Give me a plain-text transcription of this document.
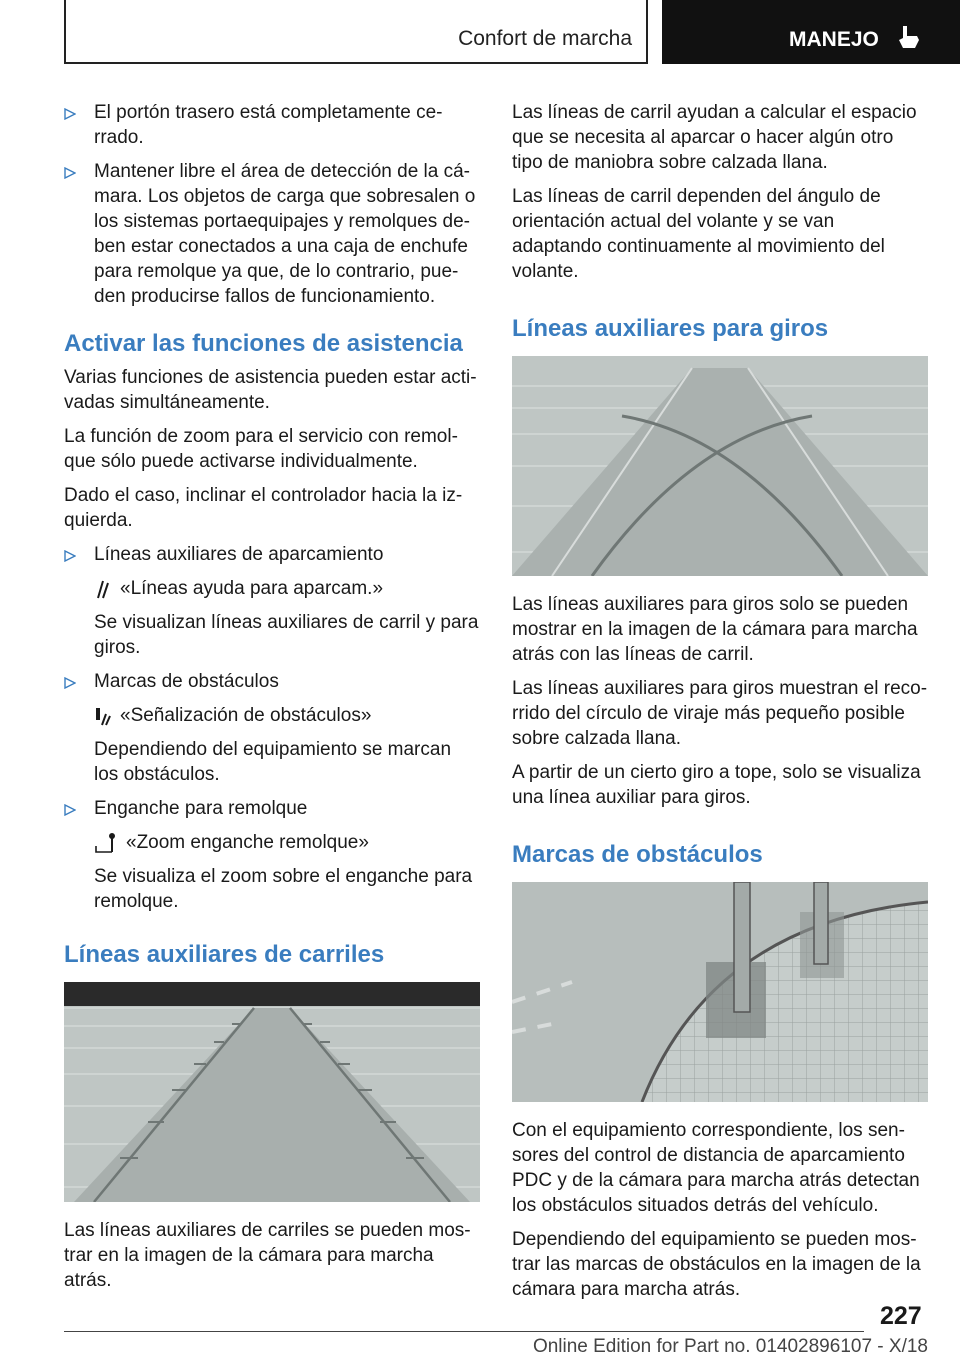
Confort de marcha	MANEJO
El portón trasero está completamente ce-rrado.
Mantener libre el área de detección de la cá-mara. Los objetos de carga que sobresalen o los sistemas portaequipajes y remolques de-ben estar conectados a una caja de enchufe para remolque ya que, de lo contrario, pue-den producirse fallos de funcionamiento.
Activar las funciones de asistencia

Varias funciones de asistencia pueden estar acti-vadas simultáneamente.

La función de zoom para el servicio con remol-que sólo puede activarse individualmente.

Dado el caso, inclinar el controlador hacia la iz-quierda.

Líneas auxiliares de aparcamiento
«Líneas ayuda para aparcam.»

Se visualizan líneas auxiliares de carril y para giros.

Marcas de obstáculos
«Señalización de obstáculos»

Dependiendo del equipamiento se marcan los obstáculos.

Enganche para remolque
«Zoom enganche remolque»

Se visualiza el zoom sobre el enganche para remolque.

Líneas auxiliares de carriles

Las líneas auxiliares de carriles se pueden mos-trar en la imagen de la cámara para marcha atrás.

Las líneas de carril ayudan a calcular el espacio que se necesita al aparcar o hacer algún otro tipo de maniobra sobre calzada llana.

Las líneas de carril dependen del ángulo de orientación actual del volante y se van adaptando continuamente al movimiento del volante.

Líneas auxiliares para giros

Las líneas auxiliares para giros solo se pueden mostrar en la imagen de la cámara para marcha atrás con las líneas de carril.

Las líneas auxiliares para giros muestran el reco-rrido del círculo de viraje más pequeño posible sobre calzada llana.

A partir de un cierto giro a tope, solo se visualiza una línea auxiliar para giros.

Marcas de obstáculos

Con el equipamiento correspondiente, los sen-sores del control de distancia de aparcamiento PDC y de la cámara para marcha atrás detectan los obstáculos situados detrás del vehículo.

Dependiendo del equipamiento se pueden mos-trar las marcas de obstáculos en la imagen de la cámara para marcha atrás.

227
Online Edition for Part no. 01402896107 - X/18
